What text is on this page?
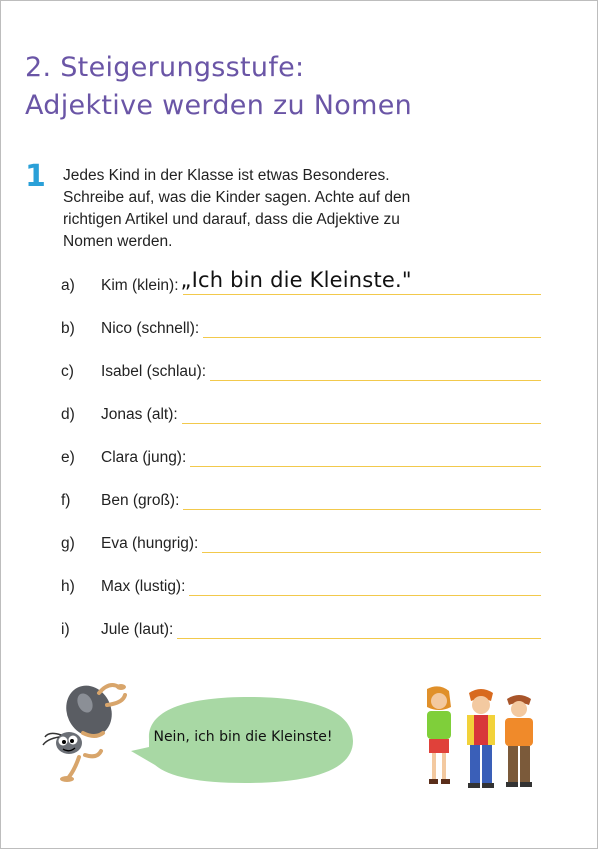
2. Steigerungsstufe:
Adjektive werden zu Nomen
1 Jedes Kind in der Klasse ist etwas Besonderes.
Schreibe auf, was die Kinder sagen. Achte auf den
richtigen Artikel und darauf, dass die Adjektive zu
Nomen werden.
a)	Kim (klein): „Ich bin die Kleinste."
b)	Nico (schnell):
c)	Isabel (schlau):
d)	Jonas (alt):
e)	Clara (jung):
f)	Ben (groß):
g)	Eva (hungrig):
h)	Max (lustig):
i)	Jule (laut):
Nein, ich bin die Kleinste!
